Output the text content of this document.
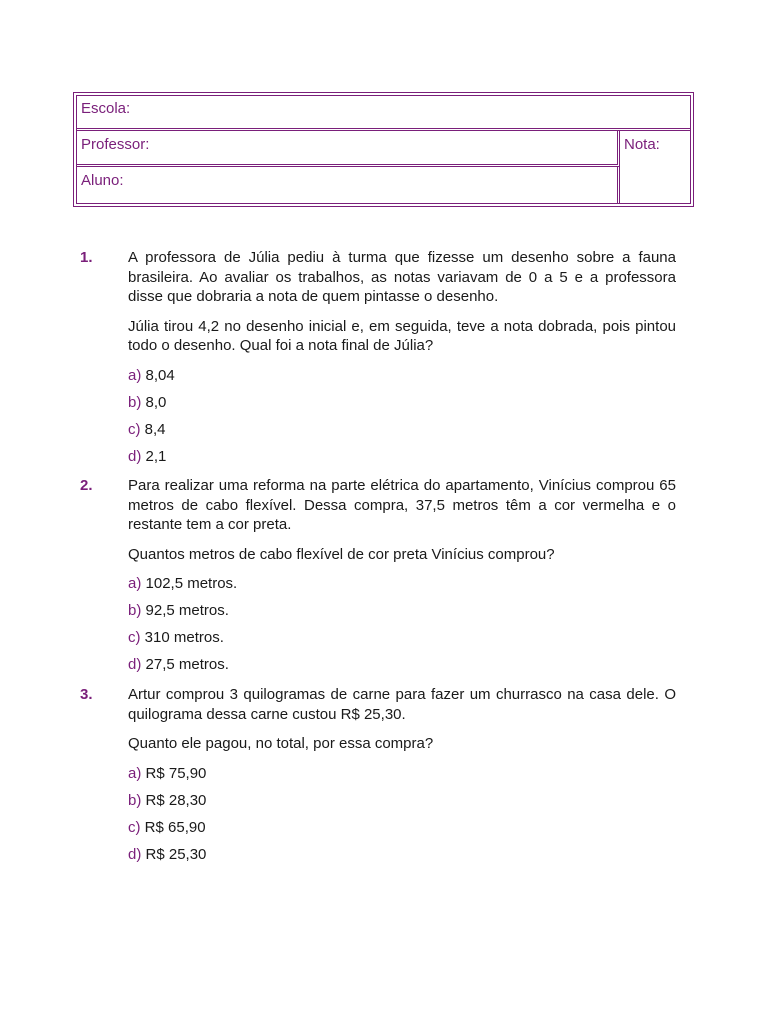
Escola:
Professor:
Aluno:
Nota:
1. A professora de Júlia pediu à turma que fizesse um desenho sobre a fauna brasileira. Ao avaliar os trabalhos, as notas variavam de 0 a 5 e a professora disse que dobraria a nota de quem pintasse o desenho.

Júlia tirou 4,2 no desenho inicial e, em seguida, teve a nota dobrada, pois pintou todo o desenho. Qual foi a nota final de Júlia?

a) 8,04

b) 8,0

c) 8,4

d) 2,1

2. Para realizar uma reforma na parte elétrica do apartamento, Vinícius comprou 65 metros de cabo flexível. Dessa compra, 37,5 metros têm a cor vermelha e o restante tem a cor preta.

Quantos metros de cabo flexível de cor preta Vinícius comprou?

a) 102,5 metros.

b) 92,5 metros.

c) 310 metros.

d) 27,5 metros.

3. Artur comprou 3 quilogramas de carne para fazer um churrasco na casa dele. O quilograma dessa carne custou R$ 25,30.

Quanto ele pagou, no total, por essa compra?

a) R$ 75,90

b) R$ 28,30

c) R$ 65,90

d) R$ 25,30
